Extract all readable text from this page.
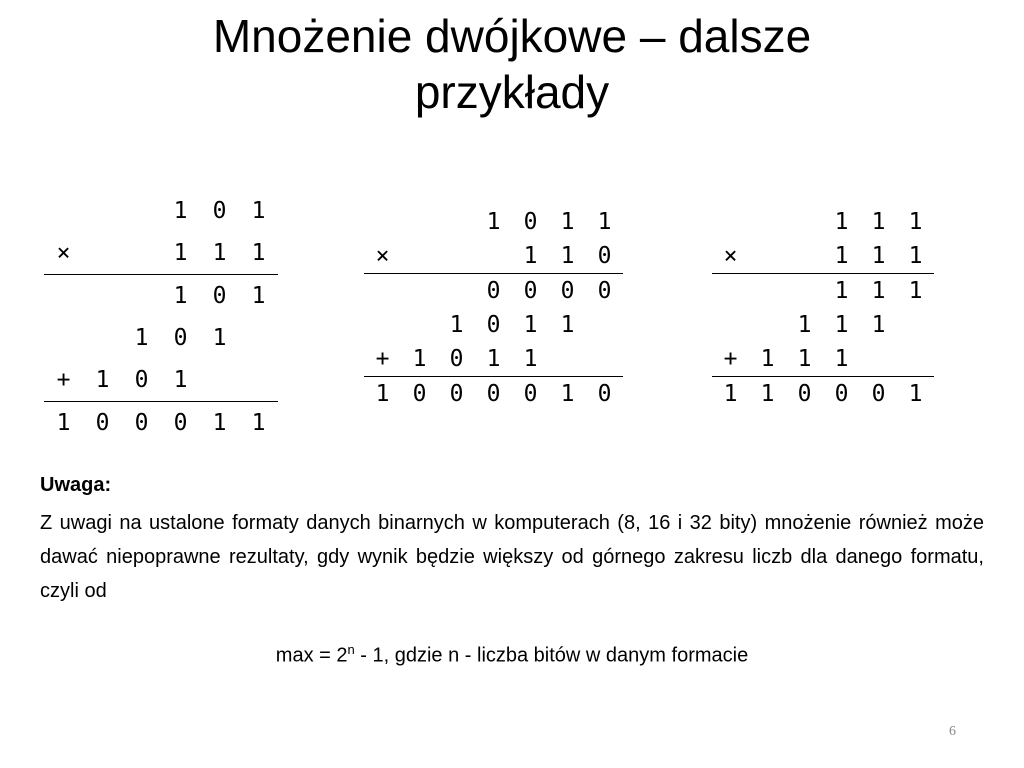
Mnożenie dwójkowe – dalsze
przykłady
			1	0	1
×			1	1	1
			1	0	1
		1	0	1	
+	1	0	1		
1	0	0	0	1	1
			1	0	1	1
×				1	1	0
			0	0	0	0
		1	0	1	1	
+	1	0	1	1		
1	0	0	0	0	1	0
			1	1	1
×			1	1	1
			1	1	1
		1	1	1	
+	1	1	1		
1	1	0	0	0	1
Uwaga:
Z uwagi na ustalone formaty danych binarnych w komputerach (8, 16 i 32 bity) mnożenie również może dawać niepoprawne rezultaty, gdy wynik będzie większy od górnego zakresu liczb dla danego formatu, czyli od
$\max = 2^n - 1$, gdzie n - liczba bitów w danym formacie
6
